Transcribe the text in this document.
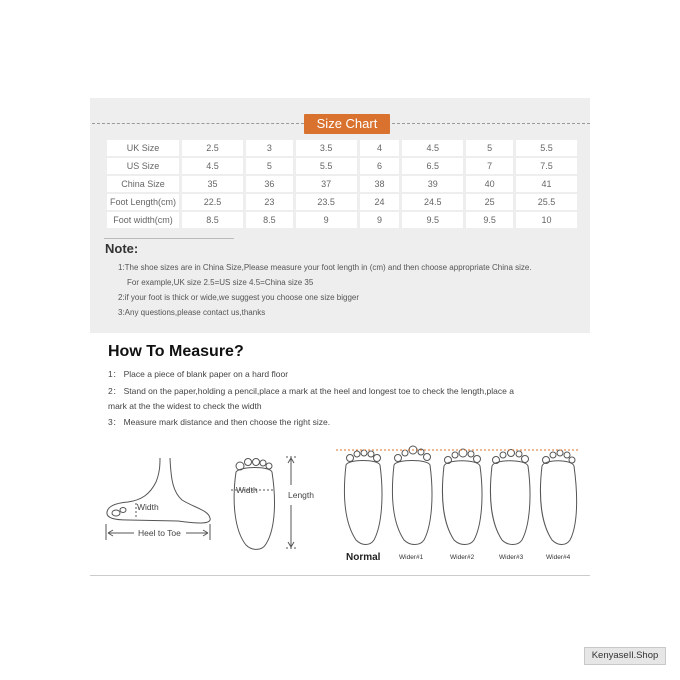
Size Chart
UK Size	2.5	3	3.5	4	4.5	5	5.5
US Size	4.5	5	5.5	6	6.5	7	7.5
China Size	35	36	37	38	39	40	41
Foot Length(cm)	22.5	23	23.5	24	24.5	25	25.5
Foot width(cm)	8.5	8.5	9	9	9.5	9.5	10
Note:
1:The shoe sizes are in China Size,Please measure your foot length in (cm) and then choose appropriate China size.
For example,UK size 2.5=US size 4.5=China size 35
2:if your foot is thick or wide,we suggest you choose one size bigger
3:Any questions,please contact us,thanks
How To Measure?
1： Place a piece of blank paper on a hard floor
2： Stand on the paper,holding a pencil,place a mark at the heel and longest toe to check the length,place a
mark at the the widest to check the width
3： Measure mark distance and then choose the right size.
Width
Heel to Toe
Width	Length
Normal	Wider#1	Wider#2	Wider#3	Wider#4
KenyaseIl.Shop
